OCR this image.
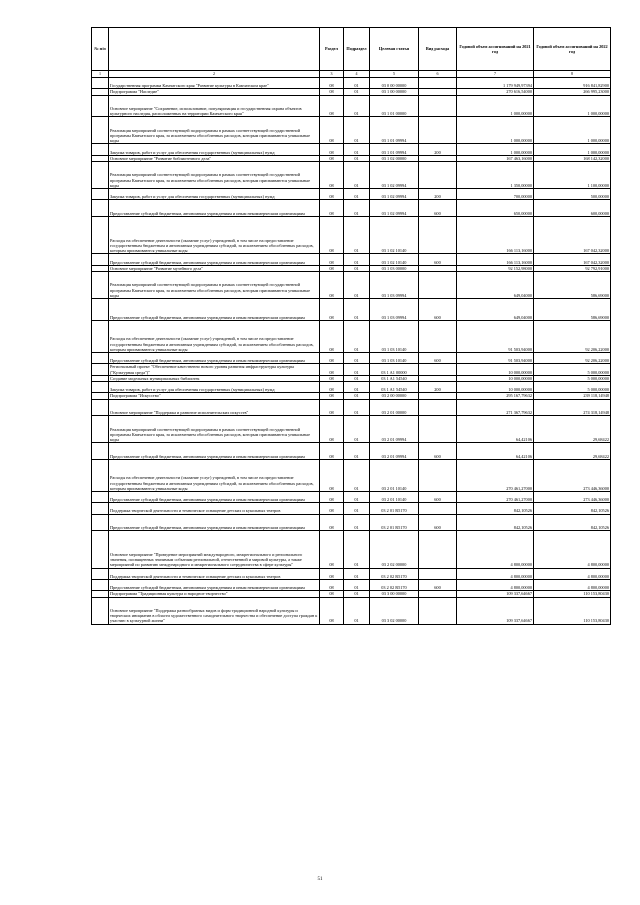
№ п/п		Раздел	Подраздел	Целевая статья	Вид расхода	Годовой объем ассигнований на 2021 год	Годовой объем ассигнований на 2022 год
1	2	3	4	5	6	7	8
	Государственная программа Камчатского края "Развитие культуры в Камчатском крае"	08	01	03 0 00 00000		1 179 949,97394	916 841,82900
	Подпрограмма "Наследие"	08	01	03 1 00 00000		270 616,54000	266 995,23000
	Основное мероприятие "Сохранение, использование, популяризация и государственная охрана объектов культурного наследия, расположенных на территории Камчатского края"	08	01	03 1 01 00000		1 000,00000	1 000,00000
	Реализация мероприятий соответствующей подпрограммы в рамках соответствующей государственной программы Камчатского края, за исключением обособленных расходов, которым присваиваются уникальные коды	08	01	03 1 01 09994		1 000,00000	1 000,00000
	Закупка товаров, работ и услуг для обеспечения государственных (муниципальных) нужд	08	01	03 1 01 09994	200	1 000,00000	1 000,00000
	Основное мероприятие "Развитие библиотечного дела"	08	01	03 1 02 00000		167 463,16000	168 142,32000
	Реализация мероприятий соответствующей подпрограммы в рамках соответствующей государственной программы Камчатского края, за исключением обособленных расходов, которым присваиваются уникальные коды	08	01	03 1 02 09994		1 350,00000	1 100,00000
	Закупка товаров, работ и услуг для обеспечения государственных (муниципальных) нужд	08	01	03 1 02 09994	200	700,00000	500,00000
	Предоставление субсидий бюджетным, автономным учреждениям и иным некоммерческим организациям	08	01	03 1 02 09994	600	650,00000	600,00000
	Расходы на обеспечение деятельности (оказание услуг) учреждений, в том числе на предоставление государственным бюджетным и автономным учреждениям субсидий, за исключением обособленных расходов, которым присваиваются уникальные коды	08	01	03 1 02 10140		166 113,16000	167 042,32000
	Предоставление субсидий бюджетным, автономным учреждениям и иным некоммерческим организациям	08	01	03 1 02 10140	600	166 113,16000	167 042,32000
	Основное мероприятие "Развитие музейного дела"	08	01	03 1 03 00000		92 152,98000	92 792,91000
	Реализация мероприятий соответствующей подпрограммы в рамках соответствующей государственной программы Камчатского края, за исключением обособленных расходов, которым присваиваются уникальные коды	08	01	03 1 03 09994		649,04000	586,69000
	Предоставление субсидий бюджетным, автономным учреждениям и иным некоммерческим организациям	08	01	03 1 03 09994	600	649,04000	586,69000
	Расходы на обеспечение деятельности (оказание услуг) учреждений, в том числе на предоставление государственным бюджетным и автономным учреждениям субсидий, за исключением обособленных расходов, которым присваиваются уникальные коды	08	01	03 1 03 10140		91 503,94000	92 206,22000
	Предоставление субсидий бюджетным, автономным учреждениям и иным некоммерческим организациям	08	01	03 1 03 10140	600	91 503,94000	92 206,22000
	Региональный проект "Обеспечение качественно нового уровня развития инфраструктуры культуры ("Культурная среда")"	08	01	03 1 A1 00000		10 000,00000	5 000,00000
	Создание модельных муниципальных библиотек	08	01	03 1 A1 54540		10 000,00000	5 000,00000
	Закупка товаров, работ и услуг для обеспечения государственных (муниципальных) нужд	08	01	03 1 A1 54540	200	10 000,00000	5 000,00000
	Подпрограмма "Искусство"	08	01	03 2 00 00000		295 167,79632	239 118,14948
	Основное мероприятие "Поддержка и развитие исполнительских искусств"	08	01	03 2 01 00000		271 367,79632	274 318,14948
	Реализация мероприятий соответствующей подпрограммы в рамках соответствующей государственной программы Камчатского края, за исключением обособленных расходов, которым присваиваются уникальные коды	08	01	03 2 01 09994		64,42106	29,68422
	Предоставление субсидий бюджетным, автономным учреждениям и иным некоммерческим организациям	08	01	03 2 01 09994	600	64,42106	29,68422
	Расходы на обеспечение деятельности (оказание услуг) учреждений, в том числе на предоставление государственным бюджетным и автономным учреждениям субсидий, за исключением обособленных расходов, которым присваиваются уникальные коды	08	01	03 2 01 10140		270 461,27000	273 446,36000
	Предоставление субсидий бюджетным, автономным учреждениям и иным некоммерческим организациям	08	01	03 2 01 10140	600	270 461,27000	273 446,36000
	Поддержка творческой деятельности и техническое оснащение детских и кукольных театров	08	01	03 2 01 R5170		842,10526	842,10526
	Предоставление субсидий бюджетным, автономным учреждениям и иным некоммерческим организациям	08	01	03 2 01 R5170	600	842,10526	842,10526
	Основное мероприятие "Проведение мероприятий международного, межрегионального и регионального значения, посвященных значимым событиям региональной, отечественной и мировой культуры, а также мероприятий по развитию международного и межрегионального сотрудничества в сфере культуры"	08	01	03 2 02 00000		4 800,00000	4 800,00000
	Поддержка творческой деятельности и техническое оснащение детских и кукольных театров	08	01	03 2 02 R5170		4 800,00000	4 800,00000
	Предоставление субсидий бюджетным, автономным учреждениям и иным некоммерческим организациям	08	01	03 2 02 R5170	600	4 800,00000	4 800,00000
	Подпрограмма "Традиционная культура и народное творчество"	08	01	03 3 00 00000		109 337,64667	110 153,80430
	Основное мероприятие "Поддержка разнообразных видов и форм традиционной народной культуры и творческих инициатив в области художественного самодеятельного творчества и обеспечение доступа граждан к участию в культурной жизни"	08	01	03 3 02 00000		109 337,64667	110 153,80430
51
